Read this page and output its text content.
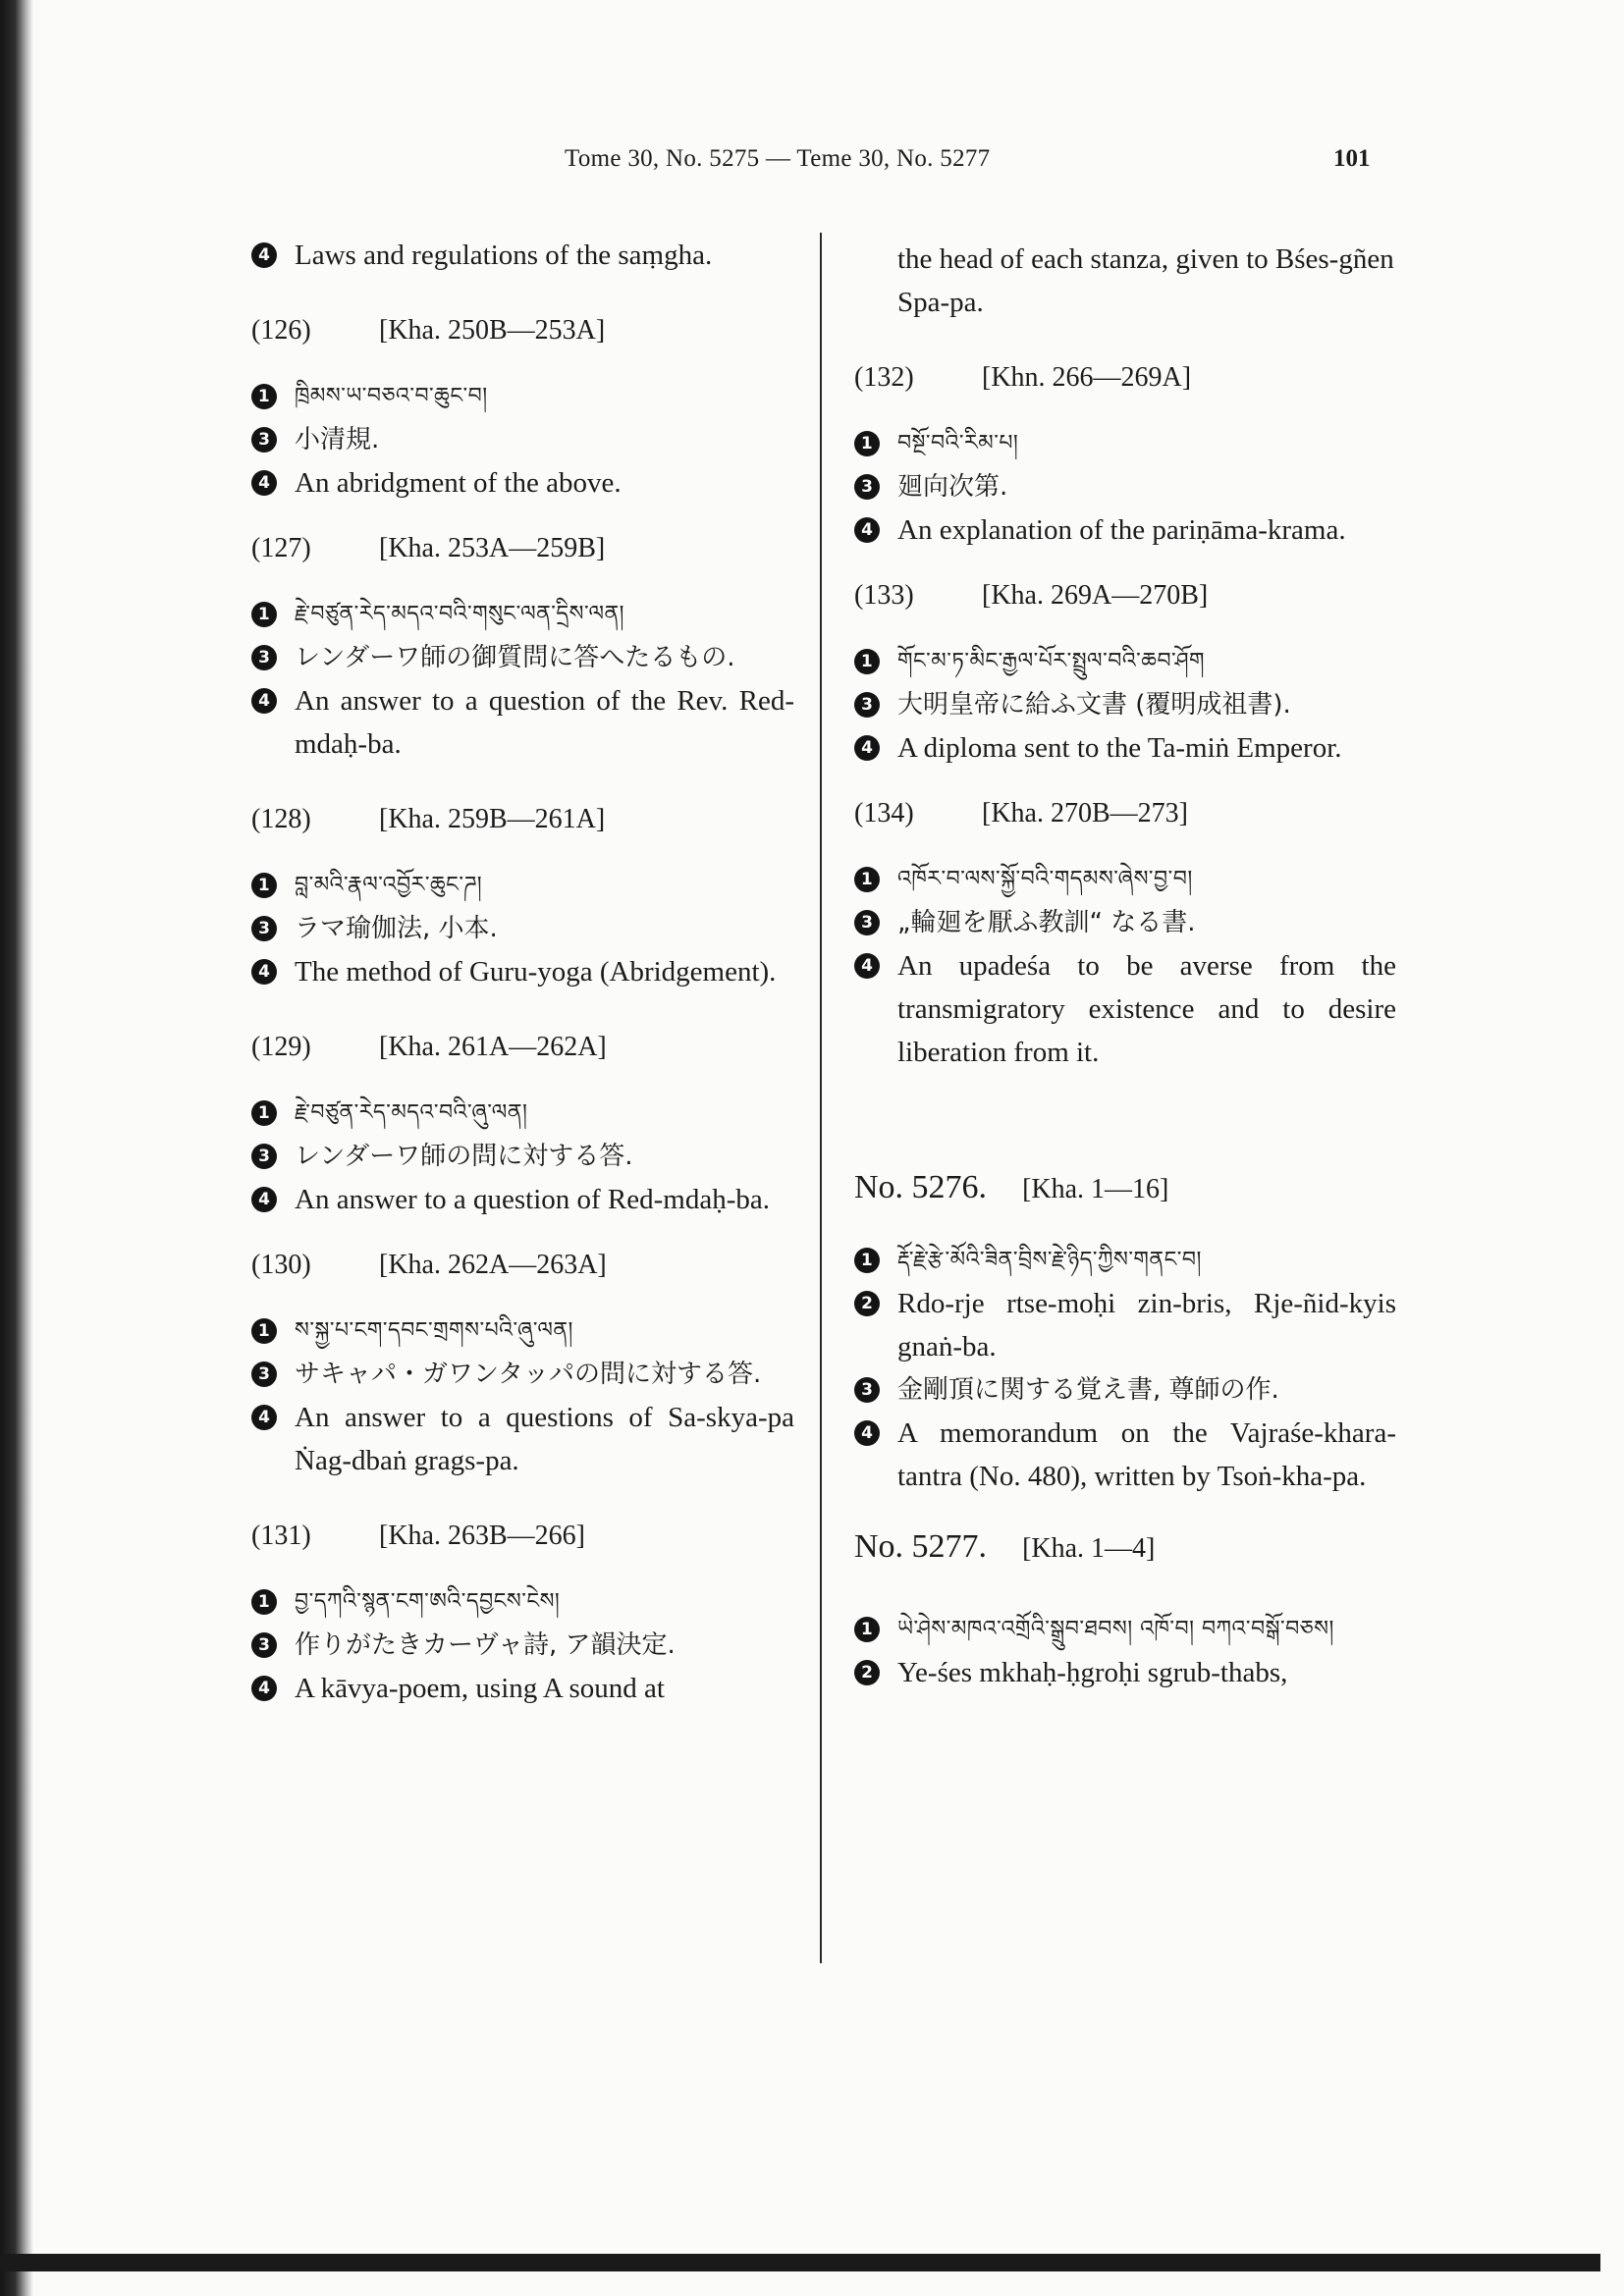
Tome 30, No. 5275 — Teme 30, No. 5277	101
4 Laws and regulations of the saṃgha.
(126) [Kha. 250B—253A]
1	ཁྲིམས་ཡ་བཅའ་བ་ཆུང་བ།
3 小清規.
4 An abridgment of the above.
(127) [Kha. 253A—259B]
1	རྗེ་བཙུན་རེད་མདའ་བའི་གསུང་ལན་དྲིས་ལན།
3 レンダーワ師の御質問に答へたるもの.
4 An answer to a question of the Rev. Red-mdaḥ-ba.
(128) [Kha. 259B—261A]
1	བླ་མའི་རྣལ་འབྱོར་ཆུང་ཌ།
3 ラマ瑜伽法, 小本.
4 The method of Guru-yoga (Abridgement).
(129) [Kha. 261A—262A]
1	རྗེ་བཙུན་རེད་མདའ་བའི་ཞུ་ལན།
3 レンダーワ師の問に対する答.
4 An answer to a question of Red-mdaḥ-ba.
(130) [Kha. 262A—263A]
1	ས་སྐྱ་པ་ངག་དབང་གྲགས་པའི་ཞུ་ལན།
3 サキャパ・ガワンタッパの問に対する答.
4 An answer to a questions of Sa-skya-pa Ṅag-dbaṅ grags-pa.
(131) [Kha. 263B—266]
1	བྱ་དཀའི་སྙན་ངག་ཨའི་དབྱངས་ངེས།
3 作りがたきカーヴャ詩, ア韻決定.
4 A kāvya-poem, using A sound at
the head of each stanza, given to Bśes-gñen Spa-pa.
(132) [Khn. 266—269A]
1	བསྔོ་བའི་རིམ་པ།
3 廻向次第.
4 An explanation of the pariṇāma-krama.
(133) [Kha. 269A—270B]
1	གོང་མ་ཏ་མིང་རྒྱལ་པོར་སྤྲུལ་བའི་ཆབ་ཤོག
3 大明皇帝に給ふ文書 (覆明成祖書).
4 A diploma sent to the Ta-miṅ Emperor.
(134) [Kha. 270B—273]
1	འཁོར་བ་ལས་སྐྱོ་བའི་གདམས་ཞེས་བྱ་བ།
3 „輪廻を厭ふ教訓“ なる書.
4 An upadeśa to be averse from the transmigratory existence and to desire liberation from it.
No. 5276. [Kha. 1—16]
1	རྡོ་རྗེ་རྩེ་མོའི་ཟིན་བྲིས་རྗེ་ཉིད་ཀྱིས་གནང་བ།
2 Rdo-rje rtse-moḥi zin-bris, Rje-ñid-kyis gnaṅ-ba.
3 金剛頂に関する覚え書, 尊師の作.
4 A memorandum on the Vajraśe-khara-tantra (No. 480), written by Tsoṅ-kha-pa.
No. 5277. [Kha. 1—4]
1	ཡེ་ཤེས་མཁའ་འགྲོའི་སྒྲུབ་ཐབས། འཁོ་བ། བཀའ་བསྒོ་བཅས།
2 Ye-śes mkhaḥ-ḥgroḥi sgrub-thabs,
